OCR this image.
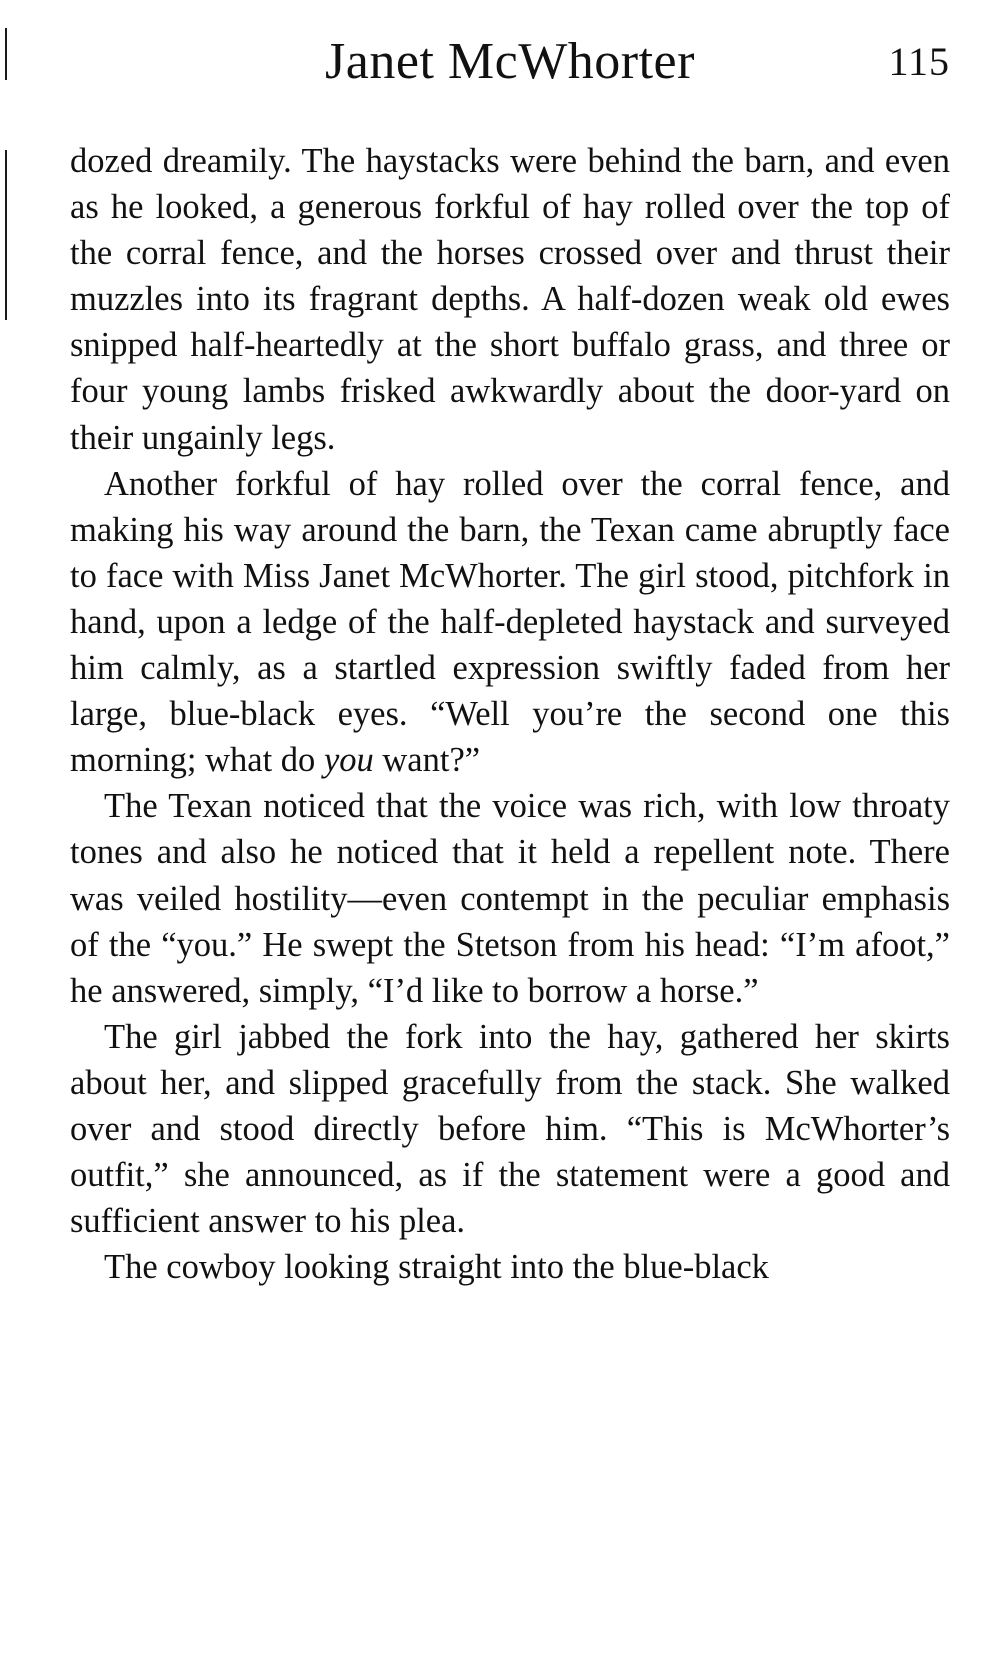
Janet McWhorter	115

dozed dreamily. The haystacks were behind the barn, and even as he looked, a generous forkful of hay rolled over the top of the corral fence, and the horses crossed over and thrust their muzzles into its fragrant depths. A half-dozen weak old ewes snipped half-heartedly at the short buffalo grass, and three or four young lambs frisked awkwardly about the door-yard on their ungainly legs.

Another forkful of hay rolled over the corral fence, and making his way around the barn, the Texan came abruptly face to face with Miss Janet McWhorter. The girl stood, pitchfork in hand, upon a ledge of the half-depleted haystack and surveyed him calmly, as a startled expression swiftly faded from her large, blue-black eyes. “Well you’re the second one this morning; what do you want?”

The Texan noticed that the voice was rich, with low throaty tones and also he noticed that it held a repellent note. There was veiled hostility—even contempt in the peculiar emphasis of the “you.” He swept the Stetson from his head: “I’m afoot,” he answered, simply, “I’d like to borrow a horse.”

The girl jabbed the fork into the hay, gathered her skirts about her, and slipped gracefully from the stack. She walked over and stood directly before him. “This is McWhorter’s outfit,” she announced, as if the statement were a good and sufficient answer to his plea.

The cowboy looking straight into the blue-black
